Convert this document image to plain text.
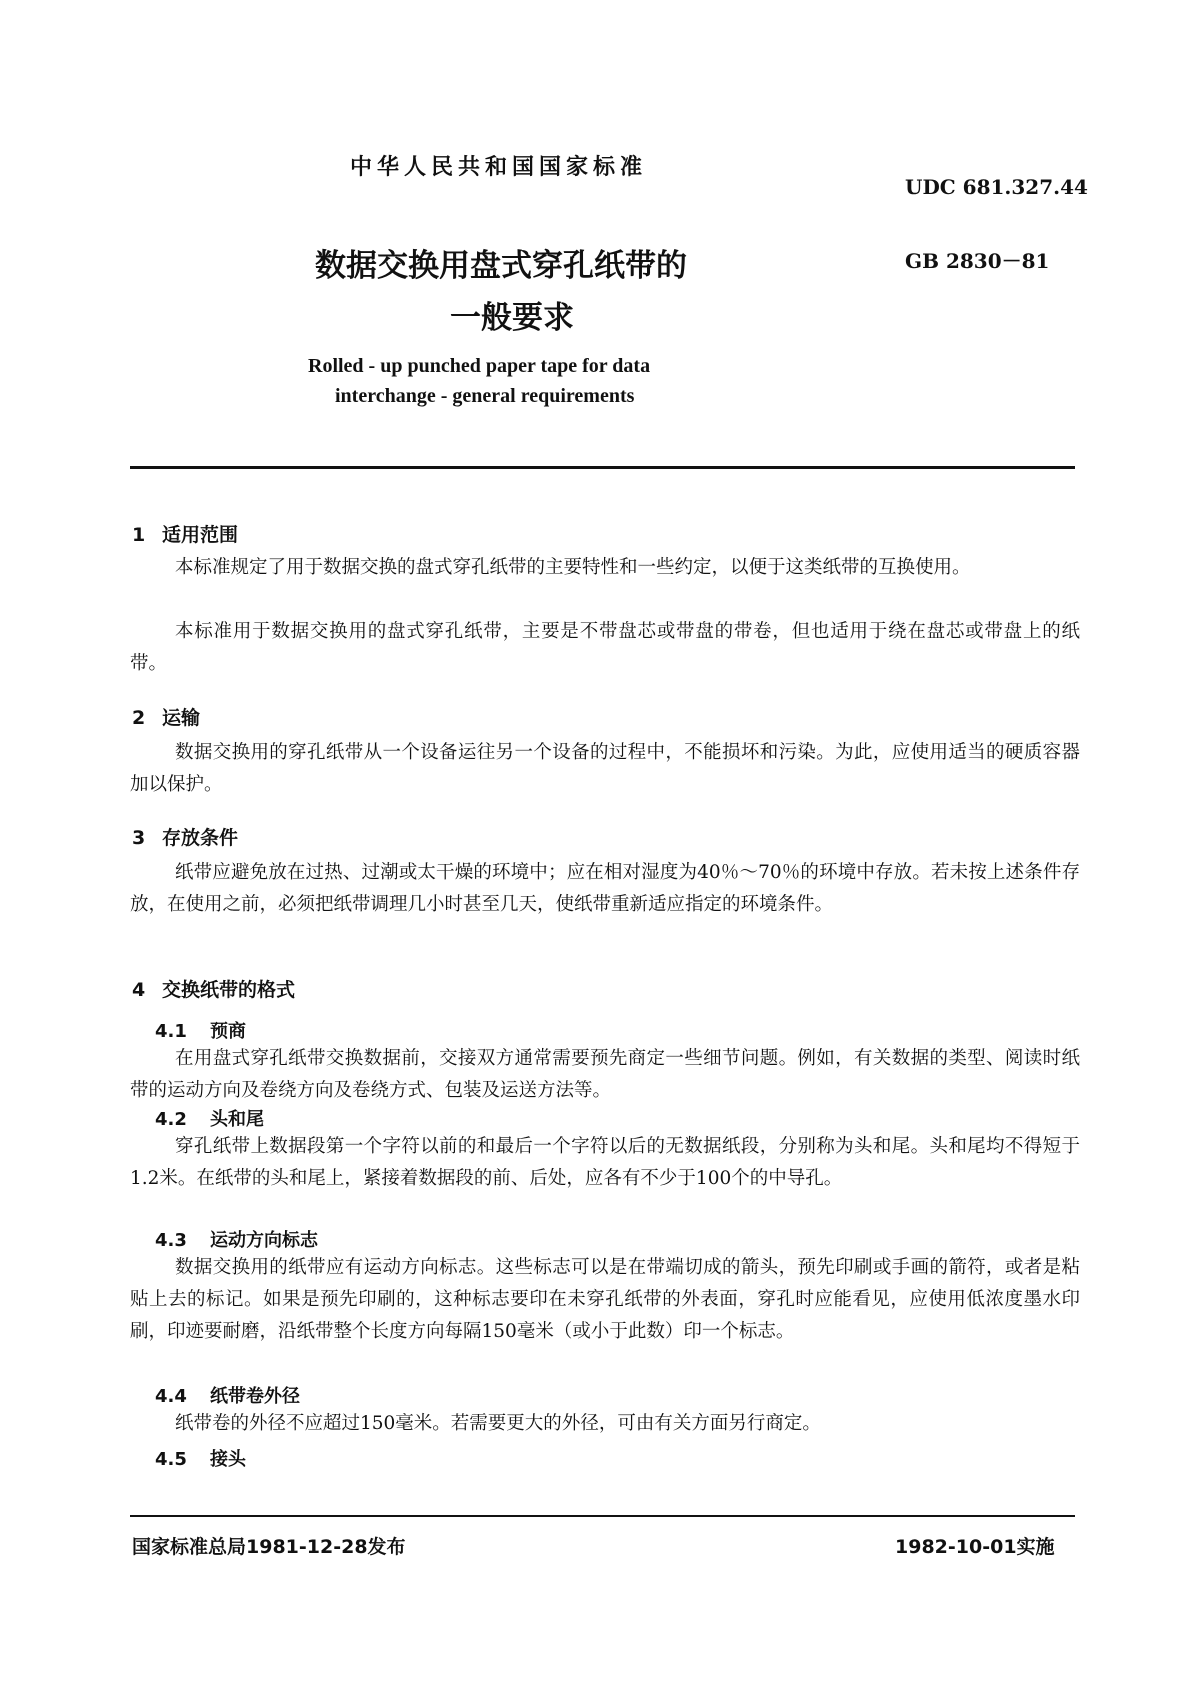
中华人民共和国国家标准
UDC 681.327.44
数据交换用盘式穿孔纸带的
一般要求
GB 2830－81
Rolled - up punched paper tape for data
interchange - general requirements
1 适用范围
本标准规定了用于数据交换的盘式穿孔纸带的主要特性和一些约定，以便于这类纸带的互换使用。
本标准用于数据交换用的盘式穿孔纸带，主要是不带盘芯或带盘的带卷，但也适用于绕在盘芯或带盘上的纸带。
2 运输
数据交换用的穿孔纸带从一个设备运往另一个设备的过程中，不能损坏和污染。为此，应使用适当的硬质容器加以保护。
3 存放条件
纸带应避免放在过热、过潮或太干燥的环境中；应在相对湿度为40％～70％的环境中存放。若未按上述条件存放，在使用之前，必须把纸带调理几小时甚至几天，使纸带重新适应指定的环境条件。
4 交换纸带的格式
4.1 预商
在用盘式穿孔纸带交换数据前，交接双方通常需要预先商定一些细节问题。例如，有关数据的类型、阅读时纸带的运动方向及卷绕方向及卷绕方式、包装及运送方法等。
4.2 头和尾
穿孔纸带上数据段第一个字符以前的和最后一个字符以后的无数据纸段，分别称为头和尾。头和尾均不得短于1.2米。在纸带的头和尾上，紧接着数据段的前、后处，应各有不少于100个的中导孔。
4.3 运动方向标志
数据交换用的纸带应有运动方向标志。这些标志可以是在带端切成的箭头，预先印刷或手画的箭符，或者是粘贴上去的标记。如果是预先印刷的，这种标志要印在未穿孔纸带的外表面，穿孔时应能看见，应使用低浓度墨水印刷，印迹要耐磨，沿纸带整个长度方向每隔150毫米（或小于此数）印一个标志。
4.4 纸带卷外径
纸带卷的外径不应超过150毫米。若需要更大的外径，可由有关方面另行商定。
4.5 接头
国家标准总局1981-12-28发布	1982-10-01实施
